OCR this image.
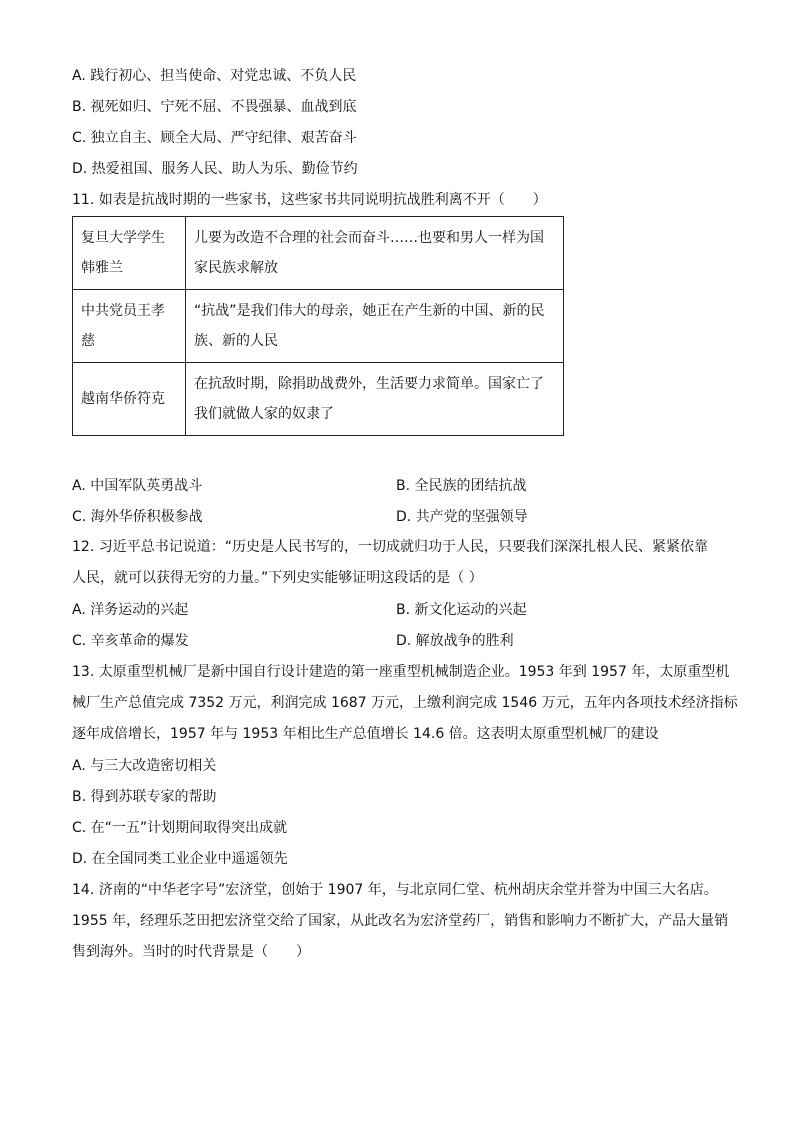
A. 践行初心、担当使命、对党忠诚、不负人民
B. 视死如归、宁死不屈、不畏强暴、血战到底
C. 独立自主、顾全大局、严守纪律、艰苦奋斗
D. 热爱祖国、服务人民、助人为乐、勤俭节约
11. 如表是抗战时期的一些家书，这些家书共同说明抗战胜利离不开（　　）
复旦大学学生韩雅兰	儿要为改造不合理的社会而奋斗……也要和男人一样为国家民族求解放
中共党员王孝慈	“抗战”是我们伟大的母亲，她正在产生新的中国、新的民族、新的人民
越南华侨符克	在抗敌时期，除捐助战费外，生活要力求简单。国家亡了我们就做人家的奴隶了
A. 中国军队英勇战斗	B. 全民族的团结抗战
C. 海外华侨积极参战	D. 共产党的坚强领导
12. 习近平总书记说道：“历史是人民书写的，一切成就归功于人民，只要我们深深扎根人民、紧紧依靠
人民，就可以获得无穷的力量。”下列史实能够证明这段话的是（ ）
A. 洋务运动的兴起	B. 新文化运动的兴起
C. 辛亥革命的爆发	D. 解放战争的胜利
13. 太原重型机械厂是新中国自行设计建造的第一座重型机械制造企业。1953 年到 1957 年，太原重型机
械厂生产总值完成 7352 万元，利润完成 1687 万元，上缴利润完成 1546 万元，五年内各项技术经济指标
逐年成倍增长，1957 年与 1953 年相比生产总值增长 14.6 倍。这表明太原重型机械厂的建设
A. 与三大改造密切相关
B. 得到苏联专家的帮助
C. 在“一五”计划期间取得突出成就
D. 在全国同类工业企业中遥遥领先
14. 济南的“中华老字号”宏济堂，创始于 1907 年，与北京同仁堂、杭州胡庆余堂并誉为中国三大名店。
1955 年，经理乐芝田把宏济堂交给了国家，从此改名为宏济堂药厂，销售和影响力不断扩大，产品大量销
售到海外。当时的时代背景是（　　）
